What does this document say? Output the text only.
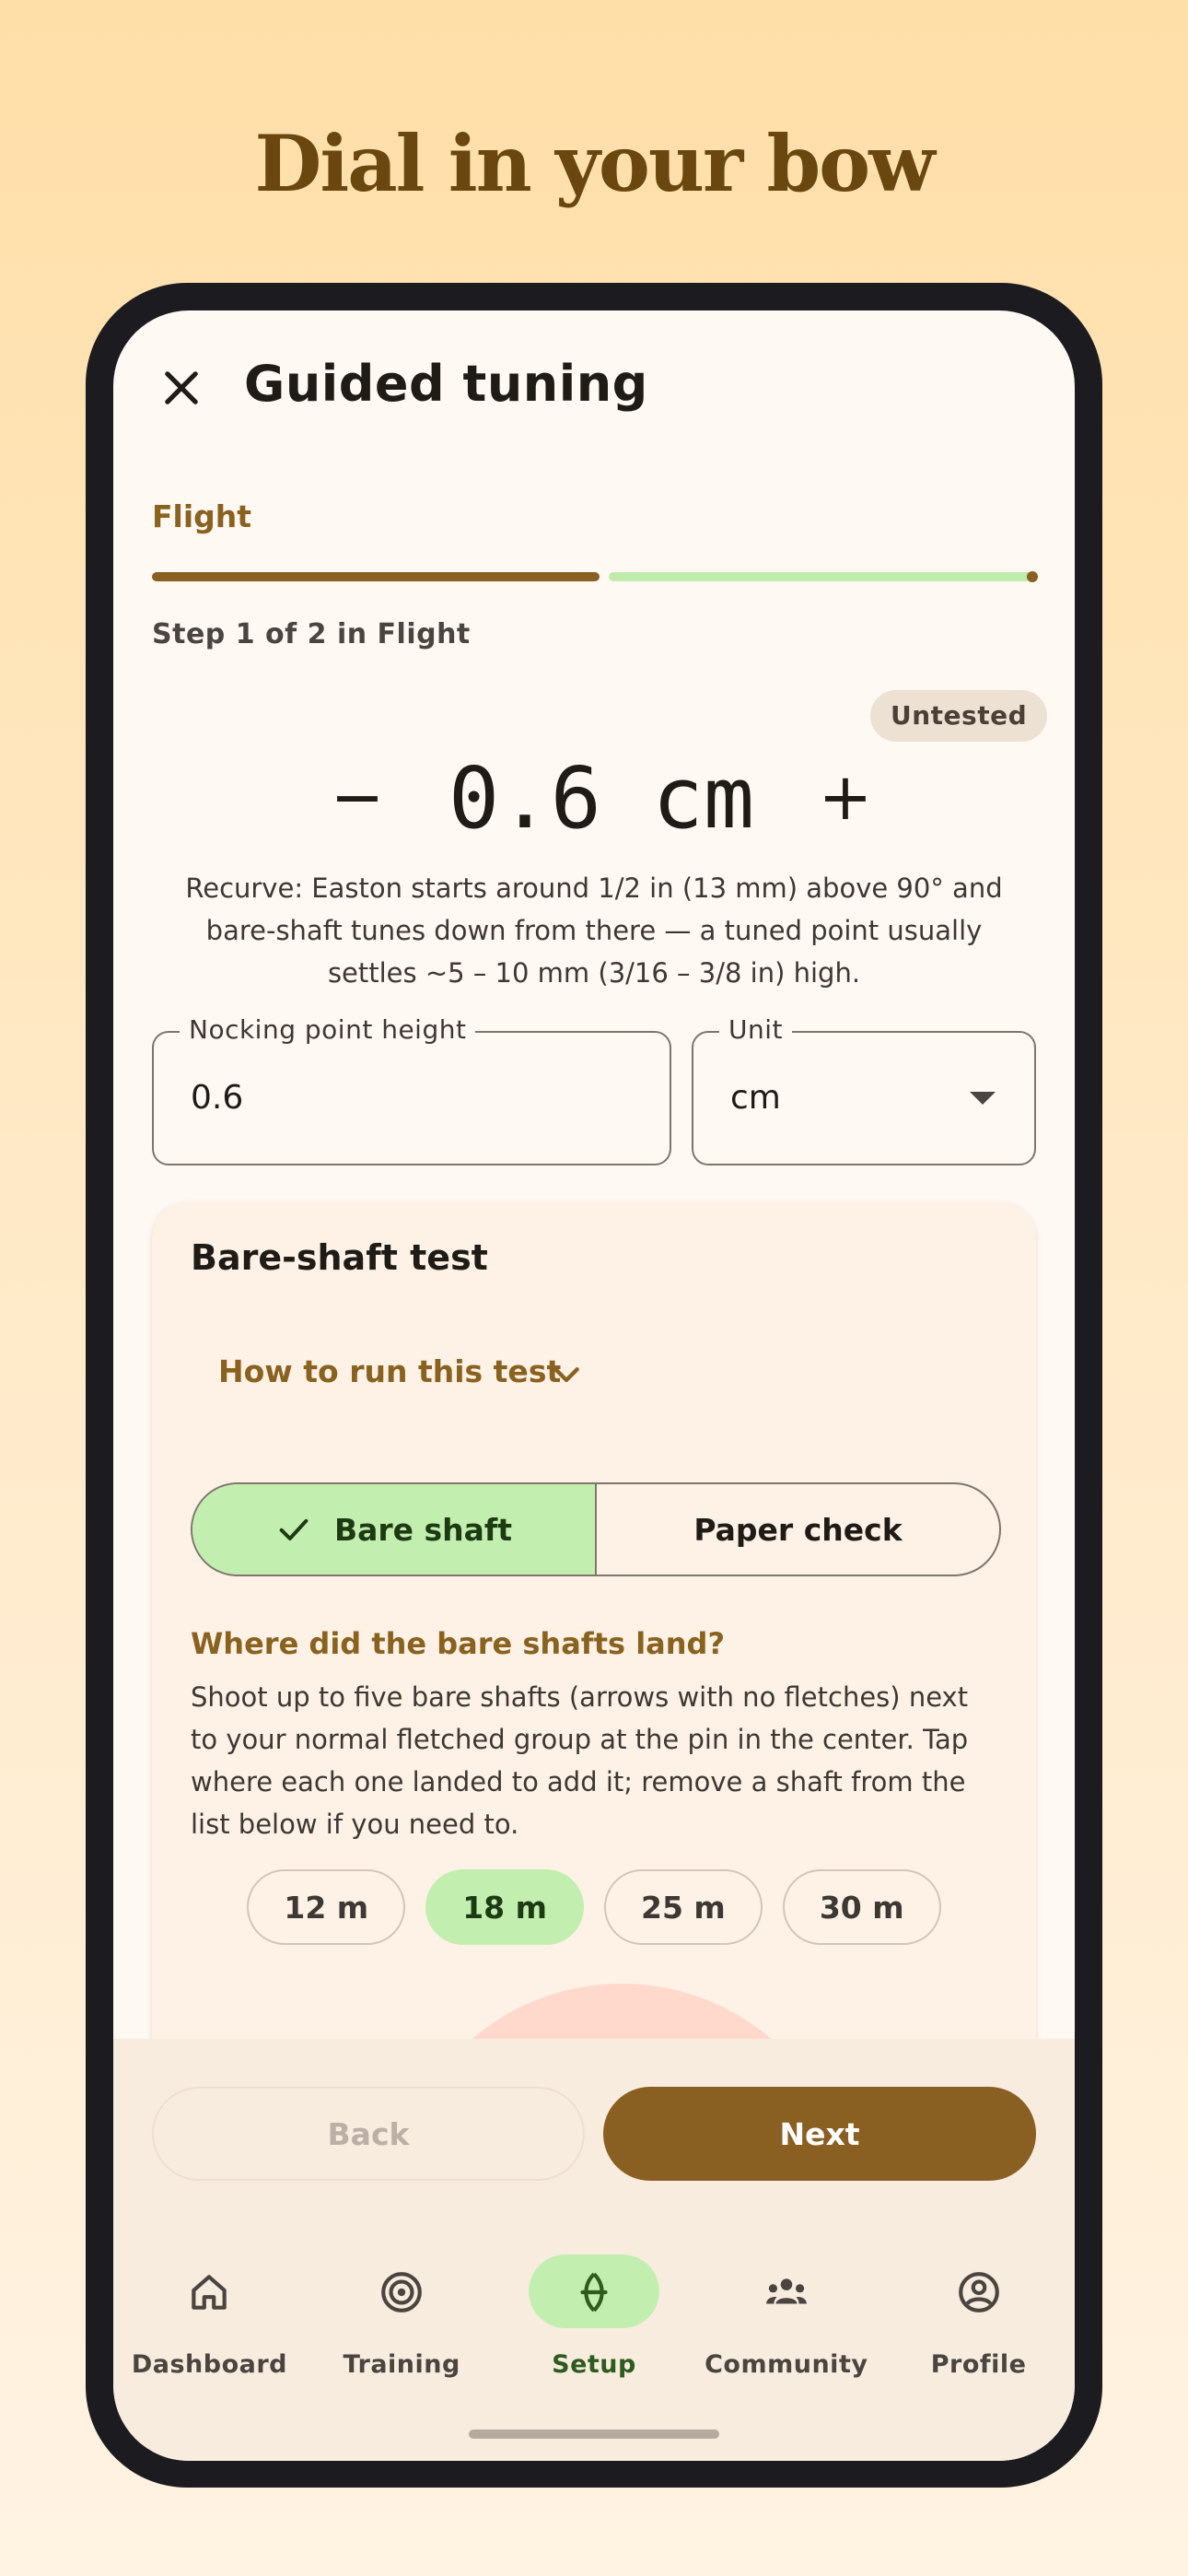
Dial in your bow
Guided tuning
Flight
Step 1 of 2 in Flight
Untested
− 0.6 cm +
Recurve: Easton starts around 1/2 in (13 mm) above 90° and bare-shaft tunes down from there — a tuned point usually settles ~5 – 10 mm (3/16 – 3/8 in) high.
Nocking point height
0.6
Unit
cm
Bare-shaft test
How to run this test
Bare shaft	Paper check
Where did the bare shafts land?
Shoot up to five bare shafts (arrows with no fletches) next to your normal fletched group at the pin in the center. Tap where each one landed to add it; remove a shaft from the list below if you need to.
12 m	18 m	25 m	30 m
Back	Next
Dashboard	Training	Setup	Community	Profile
